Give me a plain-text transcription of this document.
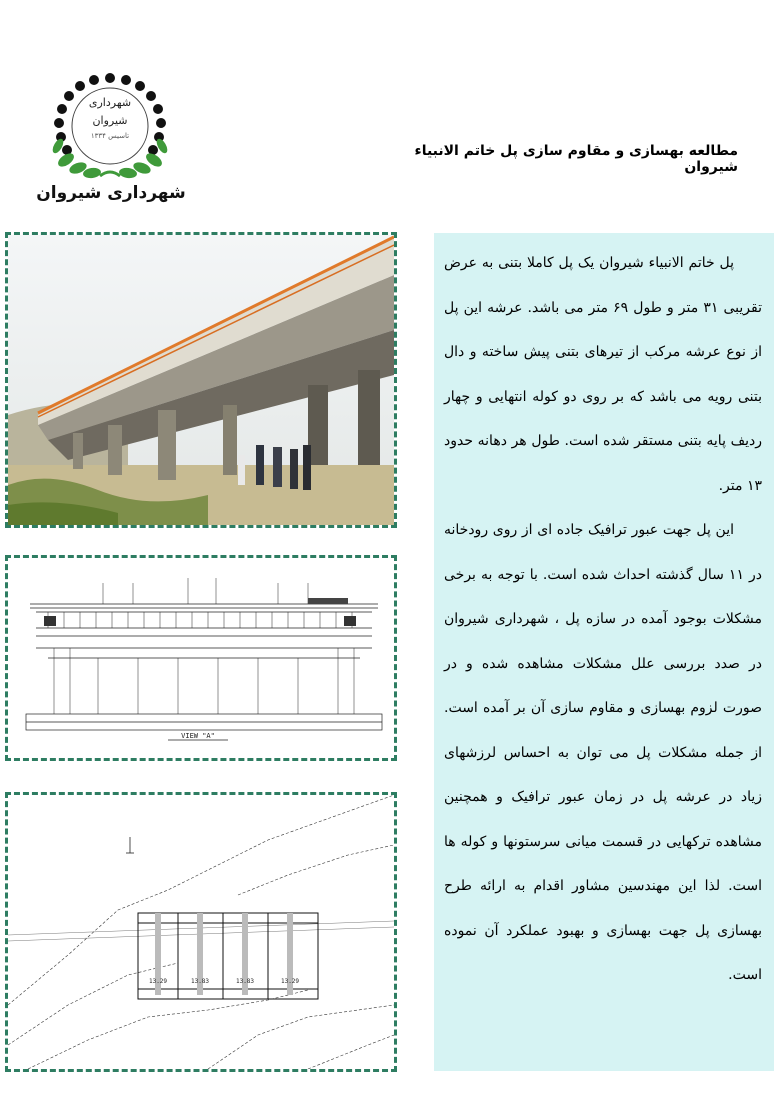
شهرداری
شیروان
تاسیس ۱۳۳۴
شهرداری شیروان
مطالعه بهسازی و مقاوم سازی پل خاتم الانبیاء شیروان
VIEW "A"
13.29	13.83	13.83	13.29

پل خاتم الانبیاء شیروان یک پل کاملا بتنی به عرض تقریبی ۳۱ متر و طول ۶۹ متر می باشد. عرشه این پل از نوع عرشه مرکب از تیرهای بتنی پیش ساخته و دال بتنی رویه می باشد که بر روی دو کوله انتهایی و چهار ردیف پایه بتنی مستقر شده است. طول هر دهانه حدود ۱۳ متر.

این پل جهت عبور ترافیک جاده ای از روی رودخانه در ۱۱ سال گذشته احداث شده است. با توجه به برخی مشکلات بوجود آمده در سازه پل ، شهرداری شیروان در صدد بررسی علل مشکلات مشاهده شده و در صورت لزوم بهسازی و مقاوم سازی آن بر آمده است. از جمله مشکلات پل می توان به احساس لرزشهای زیاد در عرشه پل در زمان عبور ترافیک و همچنین مشاهده ترکهایی در قسمت میانی سرستونها و کوله ها است. لذا این مهندسین مشاور اقدام به ارائه طرح بهسازی پل جهت بهسازی و بهبود عملکرد آن نموده است.
